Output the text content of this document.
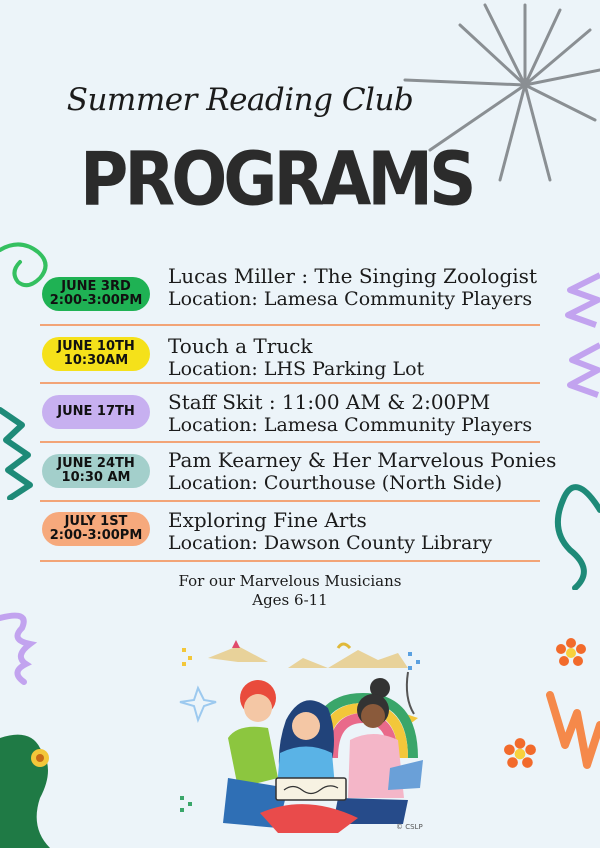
Summer Reading Club
PROGRAMS
JUNE 3RD
2:00-3:00PM
Lucas Miller : The Singing Zoologist
Location: Lamesa Community Players
JUNE 10TH
10:30AM
Touch a Truck
Location: LHS Parking Lot
JUNE 17TH Staff Skit : 11:00 AM & 2:00PM
Location: Lamesa Community Players
JUNE 24TH
10:30 AM
Pam Kearney & Her Marvelous Ponies
Location: Courthouse (North Side)
JULY 1ST
2:00-3:00PM
Exploring Fine Arts
Location: Dawson County Library
For our Marvelous Musicians
Ages 6-11
© CSLP
